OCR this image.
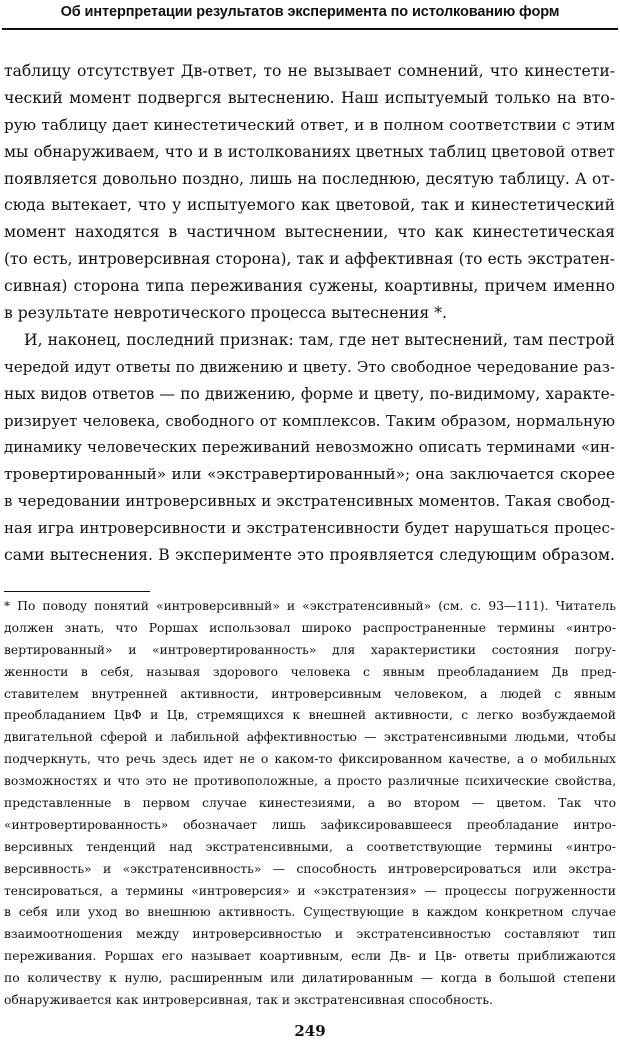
Об интерпретации результатов эксперимента по истолкованию форм
таблицу отсутствует Дв-ответ, то не вызывает сомнений, что кинестети-
ческий момент подвергся вытеснению. Наш испытуемый только на вто-
рую таблицу дает кинестетический ответ, и в полном соответствии с этим
мы обнаруживаем, что и в истолкованиях цветных таблиц цветовой ответ
появляется довольно поздно, лишь на последнюю, десятую таблицу. А от-
сюда вытекает, что у испытуемого как цветовой, так и кинестетический
момент находятся в частичном вытеснении, что как кинестетическая
(то есть, интроверсивная сторона), так и аффективная (то есть экстратен-
сивная) сторона типа переживания сужены, коартивны, причем именно
в результате невротического процесса вытеснения *.
И, наконец, последний признак: там, где нет вытеснений, там пестрой
чередой идут ответы по движению и цвету. Это свободное чередование раз-
ных видов ответов — по движению, форме и цвету, по-видимому, характе-
ризирует человека, свободного от комплексов. Таким образом, нормальную
динамику человеческих переживаний невозможно описать терминами «ин-
тровертированный» или «экстравертированный»; она заключается скорее
в чередовании интроверсивных и экстратенсивных моментов. Такая свобод-
ная игра интроверсивности и экстратенсивности будет нарушаться процес-
сами вытеснения. В эксперименте это проявляется следующим образом.
* По поводу понятий «интроверсивный» и «экстратенсивный» (см. с. 93—111). Читатель
должен знать, что Роршах использовал широко распространенные термины «интро-
вертированный» и «интровертированность» для характеристики состояния погру-
женности в себя, называя здорового человека с явным преобладанием Дв пред-
ставителем внутренней активности, интроверсивным человеком, а людей с явным
преобладанием ЦвФ и Цв, стремящихся к внешней активности, с легко возбуждаемой
двигательной сферой и лабильной аффективностью — экстратенсивными людьми, чтобы
подчеркнуть, что речь здесь идет не о каком-то фиксированном качестве, а о мобильных
возможностях и что это не противоположные, а просто различные психические свойства,
представленные в первом случае кинестезиями, а во втором — цветом. Так что
«интровертированность» обозначает лишь зафиксировавшееся преобладание интро-
версивных тенденций над экстратенсивными, а соответствующие термины «интро-
версивность» и «экстратенсивность» — способность интроверсироваться или экстра-
тенсироваться, а термины «интроверсия» и «экстратензия» — процессы погруженности
в себя или уход во внешнюю активность. Существующие в каждом конкретном случае
взаимоотношения между интроверсивностью и экстратенсивностью составляют тип
переживания. Роршах его называет коартивным, если Дв- и Цв- ответы приближаются
по количеству к нулю, расширенным или дилатированным — когда в большой степени
обнаруживается как интроверсивная, так и экстратенсивная способность.
249
